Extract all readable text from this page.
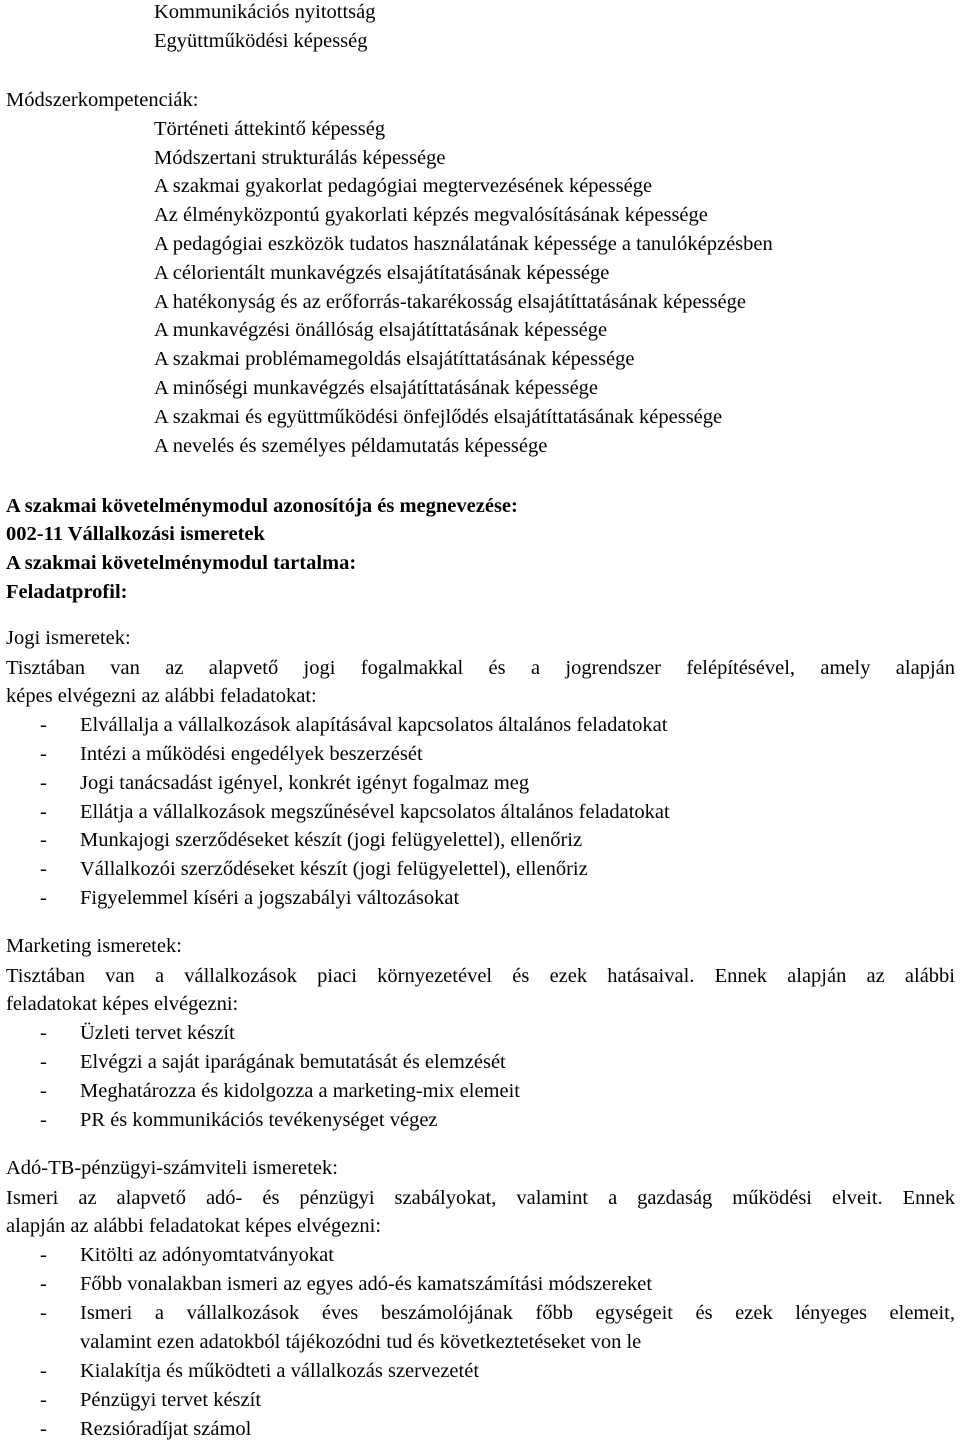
Kommunikációs nyitottság
Együttműködési képesség
Módszerkompetenciák:
Történeti áttekintő képesség
Módszertani strukturálás képessége
A szakmai gyakorlat pedagógiai megtervezésének képessége
Az élményközpontú gyakorlati képzés megvalósításának képessége
A pedagógiai eszközök tudatos használatának képessége a tanulóképzésben
A célorientált munkavégzés elsajátítatásának képessége
A hatékonyság és az erőforrás-takarékosság elsajátíttatásának képessége
A munkavégzési önállóság elsajátíttatásának képessége
A szakmai problémamegoldás elsajátíttatásának képessége
A minőségi munkavégzés elsajátíttatásának képessége
A szakmai és együttműködési önfejlődés elsajátíttatásának képessége
A nevelés és személyes példamutatás képessége
A szakmai követelménymodul azonosítója és megnevezése:
002-11 Vállalkozási ismeretek
A szakmai követelménymodul tartalma:
Feladatprofil:
Jogi ismeretek:
Tisztában van az alapvető jogi fogalmakkal és a jogrendszer felépítésével, amely alapján
képes elvégezni az alábbi feladatokat:
- Elvállalja a vállalkozások alapításával kapcsolatos általános feladatokat
- Intézi a működési engedélyek beszerzését
- Jogi tanácsadást igényel, konkrét igényt fogalmaz meg
- Ellátja a vállalkozások megszűnésével kapcsolatos általános feladatokat
- Munkajogi szerződéseket készít (jogi felügyelettel), ellenőriz
- Vállalkozói szerződéseket készít (jogi felügyelettel), ellenőriz
- Figyelemmel kíséri a jogszabályi változásokat
Marketing ismeretek:
Tisztában van a vállalkozások piaci környezetével és ezek hatásaival. Ennek alapján az alábbi
feladatokat képes elvégezni:
- Üzleti tervet készít
- Elvégzi a saját iparágának bemutatását és elemzését
- Meghatározza és kidolgozza a marketing-mix elemeit
- PR és kommunikációs tevékenységet végez
Adó-TB-pénzügyi-számviteli ismeretek:
Ismeri az alapvető adó- és pénzügyi szabályokat, valamint a gazdaság működési elveit. Ennek
alapján az alábbi feladatokat képes elvégezni:
- Kitölti az adónyomtatványokat
- Főbb vonalakban ismeri az egyes adó-és kamatszámítási módszereket
- Ismeri a vállalkozások éves beszámolójának főbb egységeit és ezek lényeges elemeit,
valamint ezen adatokból tájékozódni tud és következtetéseket von le
- Kialakítja és működteti a vállalkozás szervezetét
- Pénzügyi tervet készít
- Rezsióradíjat számol
